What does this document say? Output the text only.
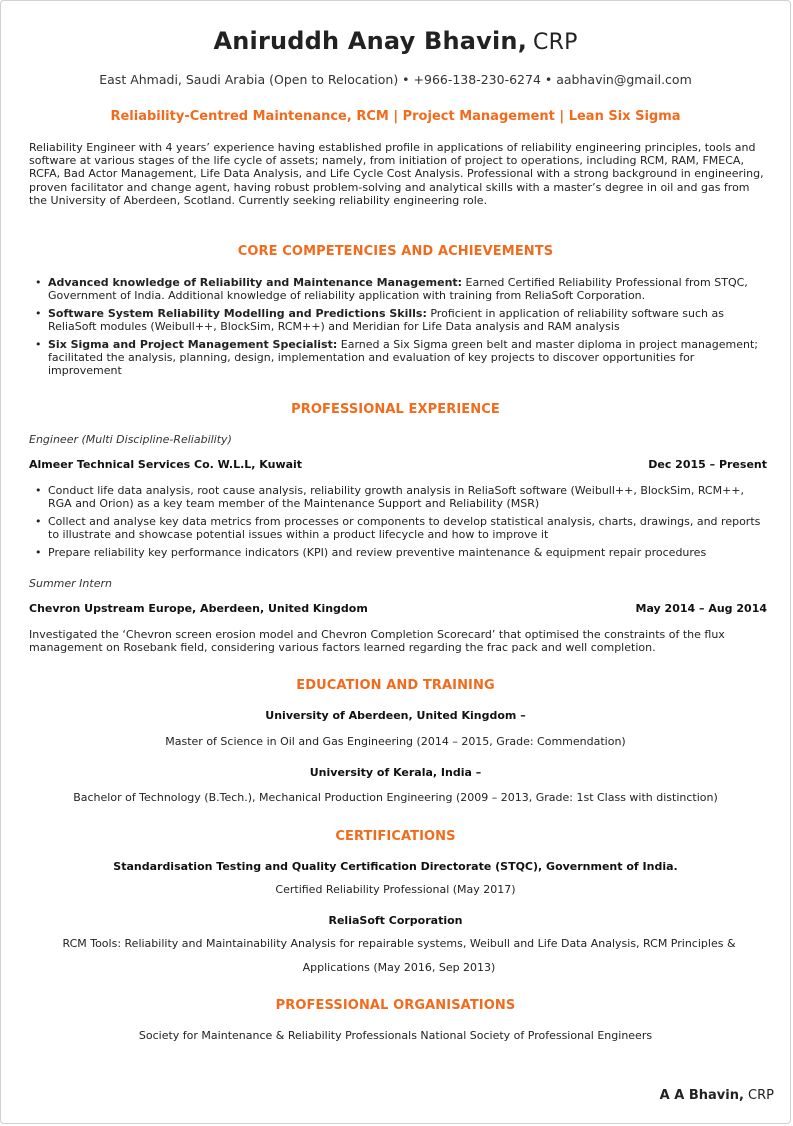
Aniruddh Anay Bhavin, CRP
East Ahmadi, Saudi Arabia (Open to Relocation) • +966-138-230-6274 • aabhavin@gmail.com
Reliability-Centred Maintenance, RCM | Project Management | Lean Six Sigma
Reliability Engineer with 4 years’ experience having established profile in applications of reliability engineering principles, tools and software at various stages of the life cycle of assets; namely, from initiation of project to operations, including RCM, RAM, FMECA, RCFA, Bad Actor Management, Life Data Analysis, and Life Cycle Cost Analysis. Professional with a strong background in engineering, proven facilitator and change agent, having robust problem-solving and analytical skills with a master’s degree in oil and gas from the University of Aberdeen, Scotland. Currently seeking reliability engineering role.
CORE COMPETENCIES AND ACHIEVEMENTS
• Advanced knowledge of Reliability and Maintenance Management: Earned Certified Reliability Professional from STQC, Government of India. Additional knowledge of reliability application with training from ReliaSoft Corporation.
• Software System Reliability Modelling and Predictions Skills: Proficient in application of reliability software such as ReliaSoft modules (Weibull++, BlockSim, RCM++) and Meridian for Life Data analysis and RAM analysis
• Six Sigma and Project Management Specialist: Earned a Six Sigma green belt and master diploma in project management; facilitated the analysis, planning, design, implementation and evaluation of key projects to discover opportunities for improvement
PROFESSIONAL EXPERIENCE
Engineer (Multi Discipline-Reliability)
Almeer Technical Services Co. W.L.L, Kuwait	Dec 2015 – Present
• Conduct life data analysis, root cause analysis, reliability growth analysis in ReliaSoft software (Weibull++, BlockSim, RCM++, RGA and Orion) as a key team member of the Maintenance Support and Reliability (MSR)
• Collect and analyse key data metrics from processes or components to develop statistical analysis, charts, drawings, and reports to illustrate and showcase potential issues within a product lifecycle and how to improve it
• Prepare reliability key performance indicators (KPI) and review preventive maintenance & equipment repair procedures
Summer Intern
Chevron Upstream Europe, Aberdeen, United Kingdom	May 2014 – Aug 2014
Investigated the ‘Chevron screen erosion model and Chevron Completion Scorecard’ that optimised the constraints of the flux management on Rosebank field, considering various factors learned regarding the frac pack and well completion.
EDUCATION AND TRAINING
University of Aberdeen, United Kingdom –
Master of Science in Oil and Gas Engineering (2014 – 2015, Grade: Commendation)
University of Kerala, India –
Bachelor of Technology (B.Tech.), Mechanical Production Engineering (2009 – 2013, Grade: 1st Class with distinction)
CERTIFICATIONS
Standardisation Testing and Quality Certification Directorate (STQC), Government of India.
Certified Reliability Professional (May 2017)
ReliaSoft Corporation
RCM Tools: Reliability and Maintainability Analysis for repairable systems, Weibull and Life Data Analysis, RCM Principles & Applications (May 2016, Sep 2013)
PROFESSIONAL ORGANISATIONS
Society for Maintenance & Reliability Professionals National Society of Professional Engineers
A A Bhavin, CRP
